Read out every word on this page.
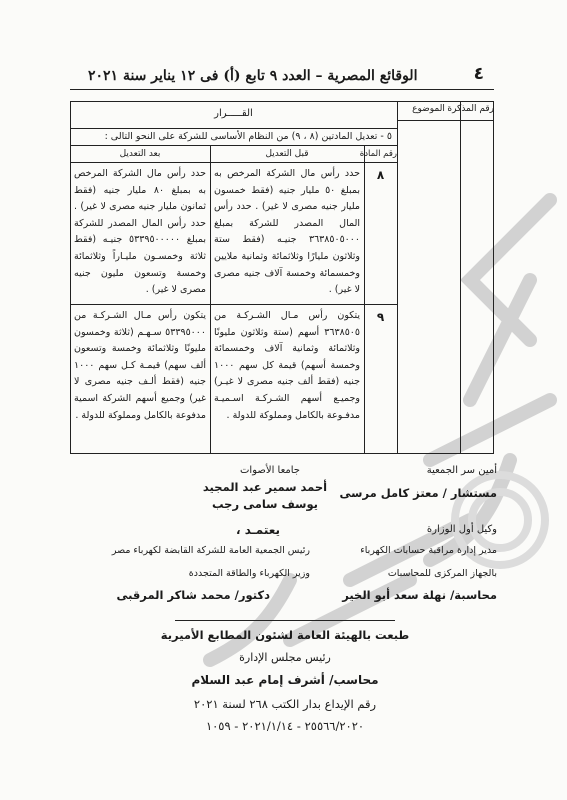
٤
الوقائع المصرية – العدد ٩ تابع (أ) فى ١٢ يناير سنة ٢٠٢١
رقم المذكرة
الموضوع
القـــــرار
٥ - تعديل المادتين (٨ ، ٩) من النظام الأساسى للشركة على النحو التالى :
رقم المادة
قبل التعديل
بعد التعديل
٨
حدد رأس مال الشركة المرخص به بمبلغ ٥٠ مليار جنيه (فقط خمسون مليار جنيه مصرى لا غير) . حدد رأس المال المصدر للشركة بمبلغ ٣٦٣٨٥٠٥٠٠٠ جنيـه (فقط ستة وثلاثون مليارًا وثلاثمائة وثمانية ملايين وخمسمائة وخمسة آلاف جنيه مصرى لا غير) .
حدد رأس مال الشركة المرخص به بمبلغ ٨٠ مليار جنيه (فقط ثمانون مليار جنيه مصرى لا غير) . حدد رأس المال المصدر للشركة بمبلغ ٥٣٣٩٥٠٠٠٠٠ جنيـه (فقط ثلاثة وخمسـون مليـاراً وثلاثمائة وخمسة وتسعون مليون جنيه مصرى لا غير) .
٩
يتكون رأس مـال الشـركـة من ٣٦٣٨٥٠٥ أسهم (ستة وثلاثون مليونًا وثلاثمائة وثمانية آلاف وخمسمائة وخمسة أسهم) قيمة كل سهم ١٠٠٠ جنيه (فقط ألف جنيه مصرى لا غيـر) وجميـع أسهم الشـركـة اسـميـة مدفـوعة بالكامل ومملوكة للدولة .
يتكون رأس مـال الشـركـة من ٥٣٣٩٥٠٠٠ سـهـم (ثلاثة وخمسون مليونًا وثلاثمائة وخمسة وتسعون ألف سهم) قيمـة كـل سهم ١٠٠٠ جنيه (فقط ألـف جنيه مصرى لا غير) وجميع أسهم الشركة اسمية مدفوعة بالكامل ومملوكة للدولة .
جامعا الأصوات
أحمد سمير عبد المجيد
يوسف سامى رجب
أمين سر الجمعية
مستشار / معتز كامل مرسى
يعتمـد ،
رئيس الجمعية العامة للشركة القابضة لكهرباء مصر
وزير الكهرباء والطاقة المتجددة
دكتور/ محمد شاكر المرقبى
وكيل أول الوزارة
مدير إدارة مراقبة حسابات الكهرباء
بالجهاز المركزى للمحاسبات
محاسبة/ نهلة سعد أبو الخير
طبعت بالهيئة العامة لشئون المطابع الأميرية
رئيس مجلس الإدارة
محاسب/ أشرف إمام عبد السلام
رقم الإيداع بدار الكتب ٢٦٨ لسنة ٢٠٢١
٢٥٥٦٦/٢٠٢٠ - ٢٠٢١/١/١٤ - ١٠٥٩
